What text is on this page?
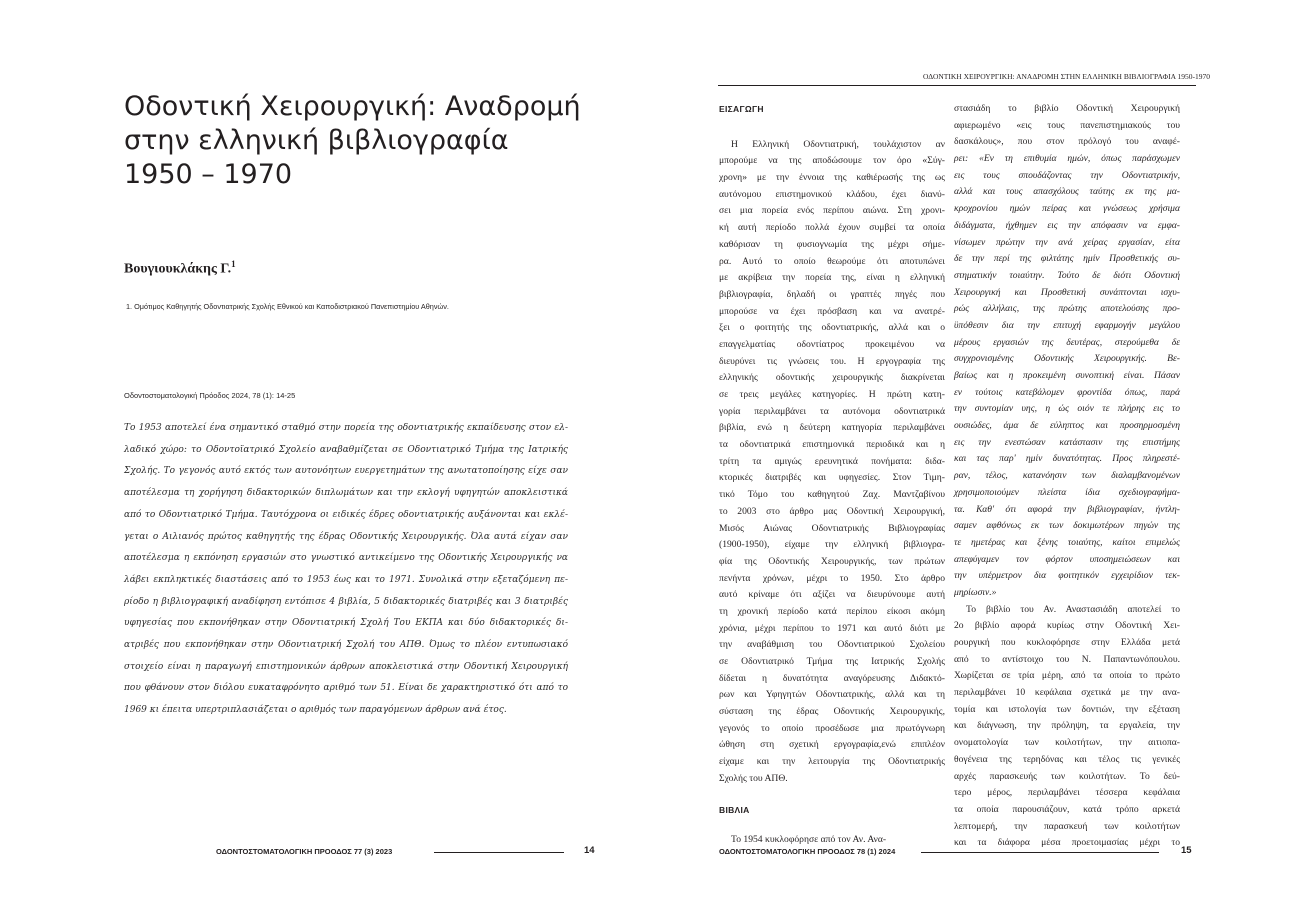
Οδοντική Χειρουργική: Αναδρομή
στην ελληνική βιβλιογραφία
1950 – 1970
Βουγιουκλάκης Γ.$^1$
1. Ομότιμος Καθηγητής Οδοντιατρικής Σχολής Εθνικού και Καποδιστριακού Πανεπιστημίου Αθηνών.
Οδοντοστοματολογική Πρόοδος 2024, 78 (1): 14-25
Το 1953 αποτελεί ένα σημαντικό σταθμό στην πορεία της οδοντιατρικής εκπαίδευσης στον ελ-
λαδικό χώρο: το Οδοντοϊατρικό Σχολείο αναβαθμίζεται σε Οδοντιατρικό Τμήμα της Ιατρικής
Σχολής. Το γεγονός αυτό εκτός των αυτονόητων ευεργετημάτων της ανωτατοποίησης είχε σαν
αποτέλεσμα τη χορήγηση διδακτορικών διπλωμάτων και την εκλογή υφηγητών αποκλειστικά
από το Οδοντιατρικό Τμήμα. Ταυτόχρονα οι ειδικές έδρες οδοντιατρικής αυξάνονται και εκλέ-
γεται ο Αιλιανός πρώτος καθηγητής της έδρας Οδοντικής Χειρουργικής. Όλα αυτά είχαν σαν
αποτέλεσμα η εκπόνηση εργασιών στο γνωστικό αντικείμενο της Οδοντικής Χειρουργικής να
λάβει εκπληκτικές διαστάσεις από το 1953 έως και το 1971. Συνολικά στην εξεταζόμενη πε-
ρίοδο η βιβλιογραφική αναδίφηση εντόπισε 4 βιβλία, 5 διδακτορικές διατριβές και 3 διατριβές
υφηγεσίας που εκπονήθηκαν στην Οδοντιατρική Σχολή Του ΕΚΠΑ και δύο διδακτορικές δι-
ατριβές που εκπονήθηκαν στην Οδοντιατρική Σχολή του ΑΠΘ. Όμως το πλέον εντυπωσιακό
στοιχείο είναι η παραγωγή επιστημονικών άρθρων αποκλειστικά στην Οδοντική Χειρουργική
που φθάνουν στον διόλου ευκαταφρόνητο αριθμό των 51. Είναι δε χαρακτηριστικό ότι από το
1969 κι έπειτα υπερτριπλασιάζεται ο αριθμός των παραγόμενων άρθρων ανά έτος.
ΟΔΟΝΤΟΣΤΟΜΑΤΟΛΟΓΙΚΗ ΠΡΟΟΔΟΣ 77 (3) 2023	14
ΟΔΟΝΤΙΚΗ ΧΕΙΡΟΥΡΓΙΚΗ: ΑΝΑΔΡΟΜΗ ΣΤΗΝ ΕΛΛΗΝΙΚΗ ΒΙΒΛΙΟΓΡΑΦΙΑ 1950-1970
ΕΙΣΑΓΩΓΗ
Η Ελληνική Οδοντιατρική, τουλάχιστον αν
μπορούμε να της αποδώσουμε τον όρο «Σύγ-
χρονη» με την έννοια της καθιέρωσής της ως
αυτόνομου επιστημονικού κλάδου, έχει διανύ-
σει μια πορεία ενός περίπου αιώνα. Στη χρονι-
κή αυτή περίοδο πολλά έχουν συμβεί τα οποία
καθόρισαν τη φυσιογνωμία της μέχρι σήμε-
ρα. Αυτό το οποίο θεωρούμε ότι αποτυπώνει
με ακρίβεια την πορεία της, είναι η ελληνική
βιβλιογραφία, δηλαδή οι γραπτές πηγές που
μπορούσε να έχει πρόσβαση και να ανατρέ-
ξει ο φοιτητής της οδοντιατρικής, αλλά και ο
επαγγελματίας οδοντίατρος προκειμένου να
διευρύνει τις γνώσεις του. Η εργογραφία της
ελληνικής οδοντικής χειρουργικής διακρίνεται
σε τρεις μεγάλες κατηγορίες. Η πρώτη κατη-
γορία περιλαμβάνει τα αυτόνομα οδοντιατρικά
βιβλία, ενώ η δεύτερη κατηγορία περιλαμβάνει
τα οδοντιατρικά επιστημονικά περιοδικά και η
τρίτη τα αμιγώς ερευνητικά πονήματα: διδα-
κτορικές διατριβές και υφηγεσίες. Στον Τιμη-
τικό Τόμο του καθηγητού Ζαχ. Μαντζαβίνου
το 2003 στο άρθρο μας Οδοντική Χειρουργική,
Μισός Αιώνας Οδοντιατρικής Βιβλιογραφίας
(1900-1950), είχαμε την ελληνική βιβλιογρα-
φία της Οδοντικής Χειρουργικής, των πρώτων
πενήντα χρόνων, μέχρι το 1950. Στο άρθρο
αυτό κρίναμε ότι αξίζει να διευρύνουμε αυτή
τη χρονική περίοδο κατά περίπου είκοσι ακόμη
χρόνια, μέχρι περίπου το 1971 και αυτό διότι με
την αναβάθμιση του Οδοντιατρικού Σχολείου
σε Οδοντιατρικό Τμήμα της Ιατρικής Σχολής
δίδεται η δυνατότητα αναγόρευσης Διδακτό-
ρων και Υφηγητών Οδοντιατρικής, αλλά και τη
σύσταση της έδρας Οδοντικής Χειρουργικής,
γεγονός το οποίο προσέδωσε μια πρωτόγνωρη
ώθηση στη σχετική εργογραφία,ενώ επιπλέον
είχαμε και την λειτουργία της Οδοντιατρικής
Σχολής του ΑΠΘ.
ΒΙΒΛΙΑ
Το 1954 κυκλοφόρησε από τον Αν. Ανα-
στασιάδη το βιβλίο Οδοντική Χειρουργική
αφιερωμένο «εις τους πανεπιστημιακούς του
δασκάλους», που στον πρόλογό του αναφέ-
ρει: «Εν τη επιθυμία ημών, όπως παράσχωμεν
εις τους σπουδάζοντας την Οδοντιατρικήν,
αλλά και τους απασχόλους ταύτης εκ της μα-
κροχρονίου ημών πείρας και γνώσεως χρήσιμα
διδάγματα, ήχθημεν εις την απόφασιν να εμφα-
νίσωμεν πρώτην την ανά χείρας εργασίαν, είτα
δε την περί της φιλτάτης ημίν Προσθετικής συ-
στηματικήν τοιαύτην. Τούτο δε διότι Οδοντική
Χειρουργική και Προσθετική συνάπτονται ισχυ-
ρώς αλλήλαις, της πρώτης αποτελούσης προ-
ϋπόθεσιν δια την επιτυχή εφαρμογήν μεγάλου
μέρους εργασιών της δευτέρας, στερούμεθα δε
συγχρονισμένης Οδοντικής Χειρουργικής. Βε-
βαίως και η προκειμένη συνοπτική είναι. Πάσαν
εν τούτοις κατεβάλομεν φροντίδα όπως, παρά
την συντομίαν υης, η ώς οιόν τε πλήρης εις το
ουσιώδες, άμα δε εύληπτος και προσηρμοσμένη
εις την ενεστώσαν κατάστασιν της επιστήμης
και τας παρ' ημίν δυνατότητας. Προς πληρεστέ-
ραν, τέλος, κατανόησιν των διαλαμβανομένων
χρησιμοποιούμεν πλείστα ίδια σχεδιογραφήμα-
τα. Καθ' ότι αφορά την βιβλιογραφίαν, ήντλη-
σαμεν αφθόνως εκ των δοκιμωτέρων πηγών της
τε ημετέρας και ξένης τοιαύτης, καίτοι επιμελώς
απεφύγαμεν τον φόρτον υποσημειώσεων και
την υπέρμετρον δια φοιτητικόν εγχειρίδιον τεκ-
μηρίωσιν.»
Το βιβλίο του Αν. Αναστασιάδη αποτελεί το
2ο βιβλίο αφορά κυρίως στην Οδοντική Χει-
ρουργική που κυκλοφόρησε στην Ελλάδα μετά
από το αντίστοιχο του Ν. Παπαντωνόπουλου.
Χωρίζεται σε τρία μέρη, από τα οποία το πρώτο
περιλαμβάνει 10 κεφάλαια σχετικά με την ανα-
τομία και ιστολογία των δοντιών, την εξέταση
και διάγνωση, την πρόληψη, τα εργαλεία, την
ονοματολογία των κοιλοτήτων, την αιτιοπα-
θογένεια της τερηδόνας και τέλος τις γενικές
αρχές παρασκευής των κοιλοτήτων. Το δεύ-
τερο μέρος, περιλαμβάνει τέσσερα κεφάλαια
τα οποία παρουσιάζουν, κατά τρόπο αρκετά
λεπτομερή, την παρασκευή των κοιλοτήτων
και τα διάφορα μέσα προετοιμασίας μέχρι το
ΟΔΟΝΤΟΣΤΟΜΑΤΟΛΟΓΙΚΗ ΠΡΟΟΔΟΣ 78 (1) 2024	15
